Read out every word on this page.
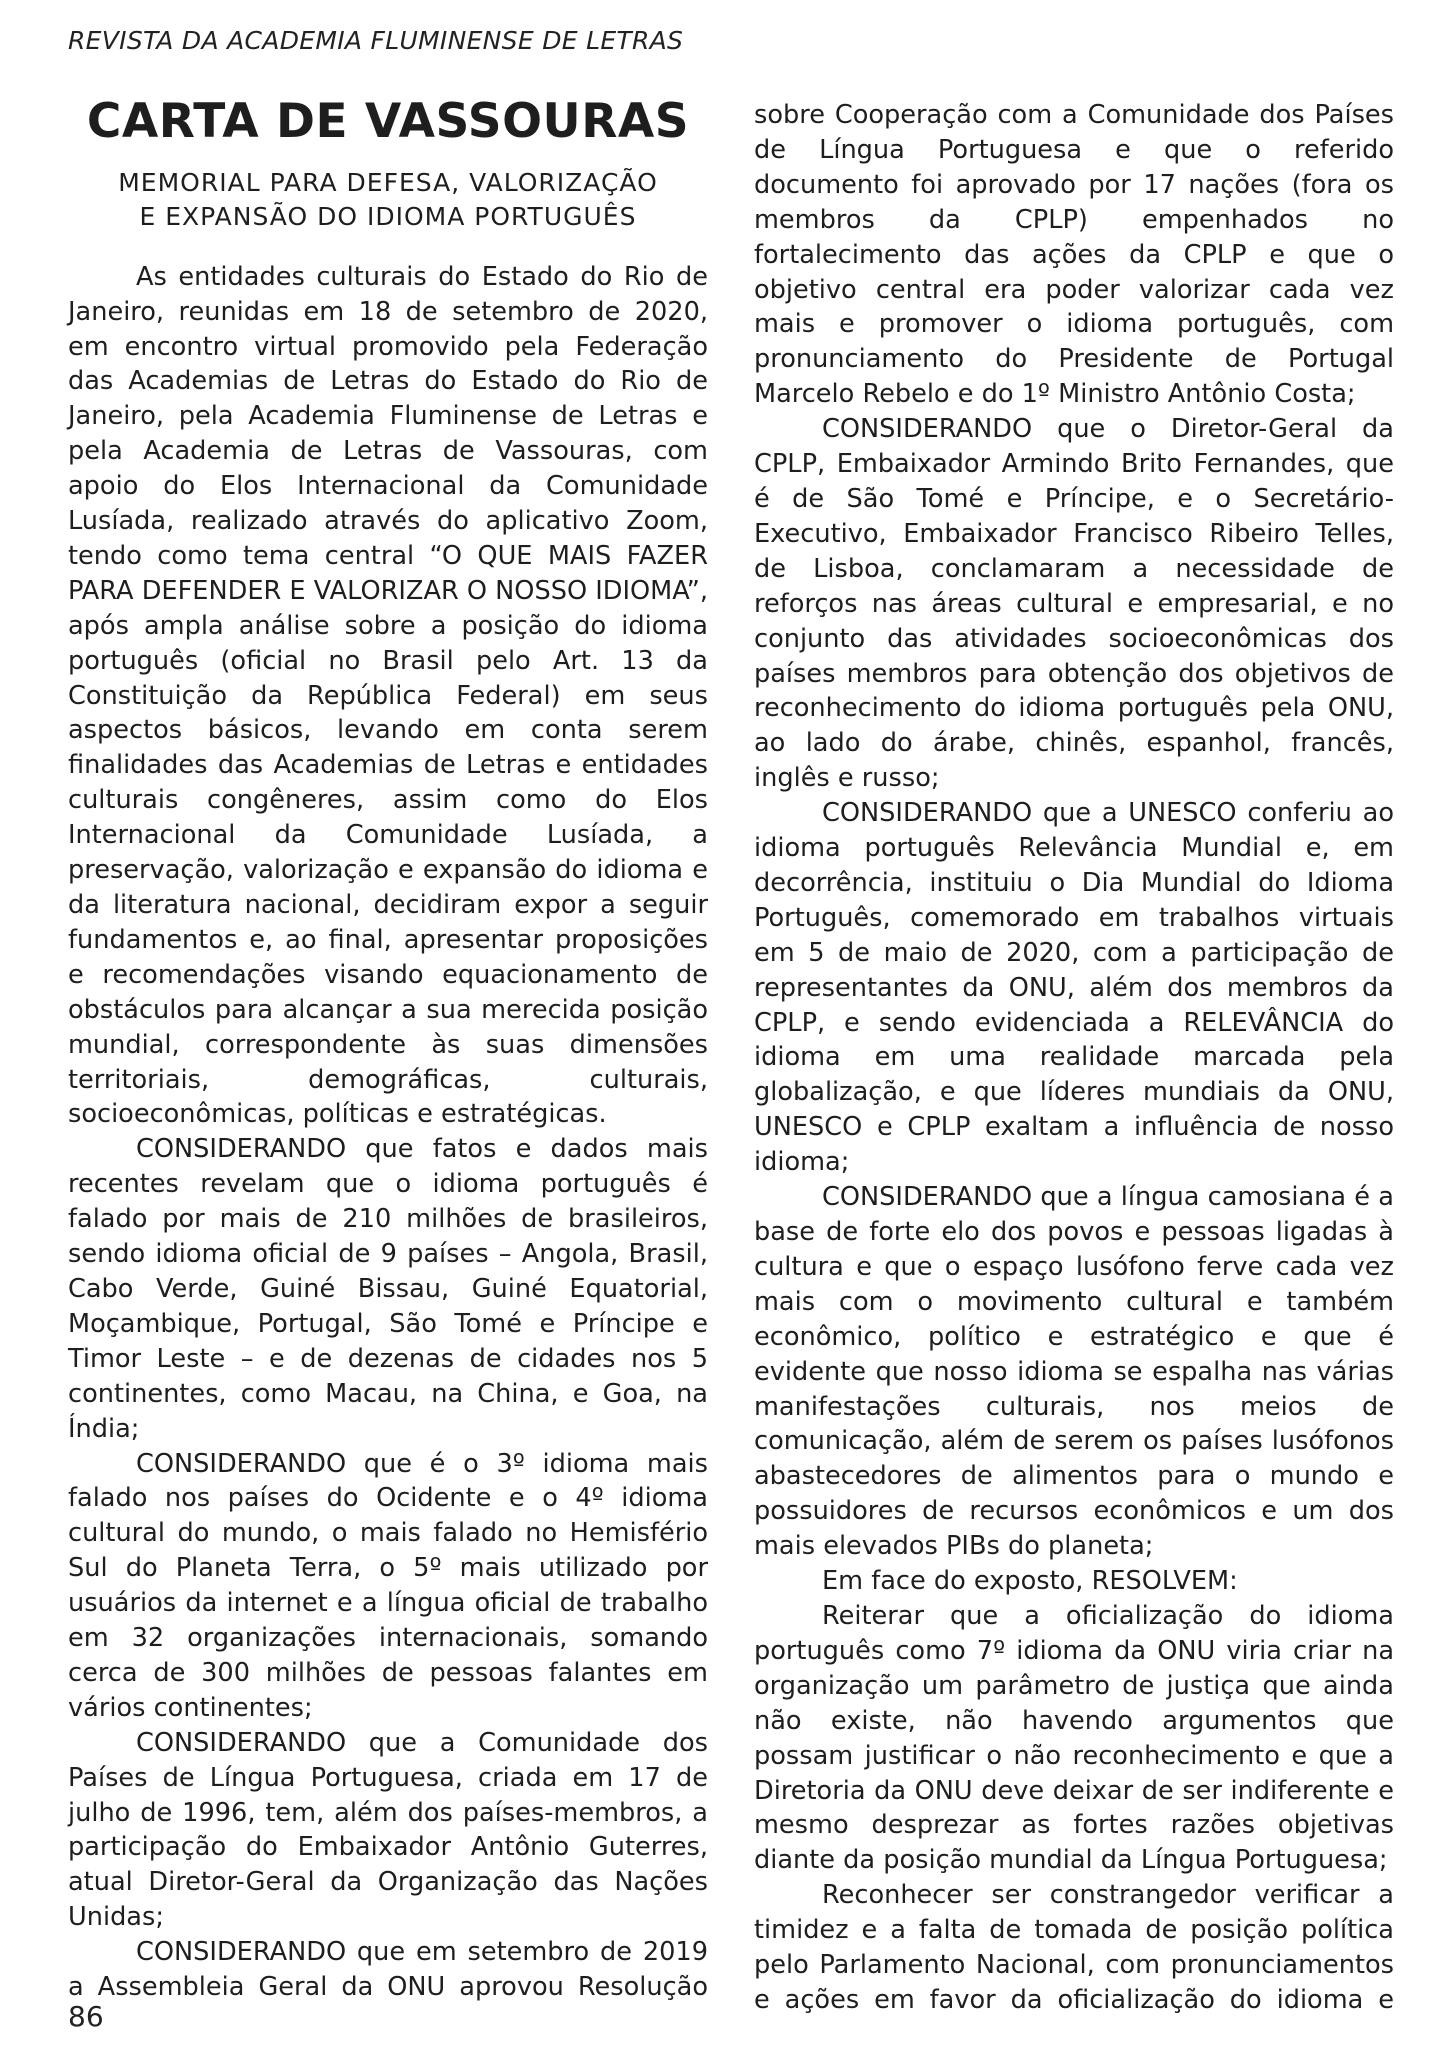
REVISTA DA ACADEMIA FLUMINENSE DE LETRAS
CARTA DE VASSOURAS
MEMORIAL PARA DEFESA, VALORIZAÇÃO
E EXPANSÃO DO IDIOMA PORTUGUÊS

As entidades culturais do Estado do Rio de Janeiro, reunidas em 18 de setembro de 2020, em encontro virtual promovido pela Federação das Academias de Letras do Estado do Rio de Janeiro, pela Academia Fluminense de Letras e pela Academia de Letras de Vassouras, com apoio do Elos Internacional da Comunidade Lusíada, realizado através do aplicativo Zoom, tendo como tema central “O QUE MAIS FAZER PARA DEFENDER E VALORIZAR O NOSSO IDIOMA”, após ampla análise sobre a posição do idioma português (oficial no Brasil pelo Art. 13 da Constituição da República Federal) em seus aspectos básicos, levando em conta serem finalidades das Academias de Letras e entidades culturais congêneres, assim como do Elos Internacional da Comunidade Lusíada, a preservação, valorização e expansão do idioma e da literatura nacional, decidiram expor a seguir fundamentos e, ao final, apresentar proposições e recomendações visando equacionamento de obstáculos para alcançar a sua merecida posição mundial, correspondente às suas dimensões territoriais, demográficas, culturais, socioeconômicas, políticas e estratégicas.

CONSIDERANDO que fatos e dados mais recentes revelam que o idioma português é falado por mais de 210 milhões de brasileiros, sendo idioma oficial de 9 países – Angola, Brasil, Cabo Verde, Guiné Bissau, Guiné Equatorial, Moçambique, Portugal, São Tomé e Príncipe e Timor Leste – e de dezenas de cidades nos 5 continentes, como Macau, na China, e Goa, na Índia;

CONSIDERANDO que é o 3º idioma mais falado nos países do Ocidente e o 4º idioma cultural do mundo, o mais falado no Hemisfério Sul do Planeta Terra, o 5º mais utilizado por usuários da internet e a língua oficial de trabalho em 32 organizações internacionais, somando cerca de 300 milhões de pessoas falantes em vários continentes;

CONSIDERANDO que a Comunidade dos Países de Língua Portuguesa, criada em 17 de julho de 1996, tem, além dos países-membros, a participação do Embaixador Antônio Guterres, atual Diretor-Geral da Organização das Nações Unidas;

CONSIDERANDO que em setembro de 2019 a Assembleia Geral da ONU aprovou Resolução

sobre Cooperação com a Comunidade dos Países de Língua Portuguesa e que o referido documento foi aprovado por 17 nações (fora os membros da CPLP) empenhados no fortalecimento das ações da CPLP e que o objetivo central era poder valorizar cada vez mais e promover o idioma português, com pronunciamento do Presidente de Portugal Marcelo Rebelo e do 1º Ministro Antônio Costa;

CONSIDERANDO que o Diretor-Geral da CPLP, Embaixador Armindo Brito Fernandes, que é de São Tomé e Príncipe, e o Secretário-Executivo, Embaixador Francisco Ribeiro Telles, de Lisboa, conclamaram a necessidade de reforços nas áreas cultural e empresarial, e no conjunto das atividades socioeconômicas dos países membros para obtenção dos objetivos de reconhecimento do idioma português pela ONU, ao lado do árabe, chinês, espanhol, francês, inglês e russo;

CONSIDERANDO que a UNESCO conferiu ao idioma português Relevância Mundial e, em decorrência, instituiu o Dia Mundial do Idioma Português, comemorado em trabalhos virtuais em 5 de maio de 2020, com a participação de representantes da ONU, além dos membros da CPLP, e sendo evidenciada a RELEVÂNCIA do idioma em uma realidade marcada pela globalização, e que líderes mundiais da ONU, UNESCO e CPLP exaltam a influência de nosso idioma;

CONSIDERANDO que a língua camosiana é a base de forte elo dos povos e pessoas ligadas à cultura e que o espaço lusófono ferve cada vez mais com o movimento cultural e também econômico, político e estratégico e que é evidente que nosso idioma se espalha nas várias manifestações culturais, nos meios de comunicação, além de serem os países lusófonos abastecedores de alimentos para o mundo e possuidores de recursos econômicos e um dos mais elevados PIBs do planeta;

Em face do exposto, RESOLVEM:

Reiterar que a oficialização do idioma português como 7º idioma da ONU viria criar na organização um parâmetro de justiça que ainda não existe, não havendo argumentos que possam justificar o não reconhecimento e que a Diretoria da ONU deve deixar de ser indiferente e mesmo desprezar as fortes razões objetivas diante da posição mundial da Língua Portuguesa;

Reconhecer ser constrangedor verificar a timidez e a falta de tomada de posição política pelo Parlamento Nacional, com pronunciamentos e ações em favor da oficialização do idioma e

86
